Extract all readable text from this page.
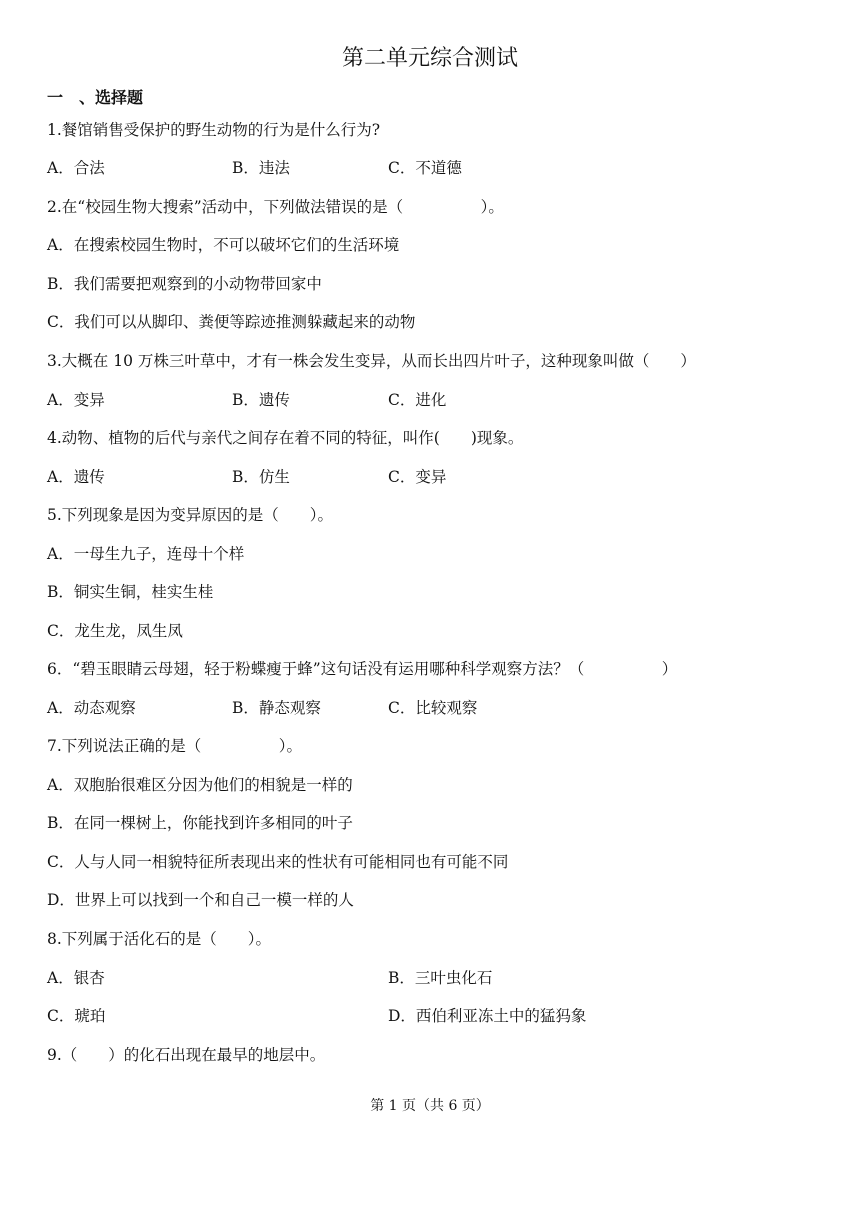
第二单元综合测试
一　、选择题
1.餐馆销售受保护的野生动物的行为是什么行为?
A．合法	B．违法	C．不道德
2.在“校园生物大搜索”活动中，下列做法错误的是（　　　　　）。
A．在搜索校园生物时，不可以破坏它们的生活环境
B．我们需要把观察到的小动物带回家中
C．我们可以从脚印、粪便等踪迹推测躲藏起来的动物
3.大概在 10 万株三叶草中，才有一株会发生变异，从而长出四片叶子，这种现象叫做（　　）
A．变异	B．遗传	C．进化
4.动物、植物的后代与亲代之间存在着不同的特征，叫作(　　)现象。
A．遗传	B．仿生	C．变异
5.下列现象是因为变异原因的是（　　）。
A．一母生九子，连母十个样
B．铜实生铜，桂实生桂
C．龙生龙，凤生凤
6．“碧玉眼睛云母翅，轻于粉蝶瘦于蜂”这句话没有运用哪种科学观察方法？（　　　　　）
A．动态观察	B．静态观察	C．比较观察
7.下列说法正确的是（　　　　　）。
A．双胞胎很难区分因为他们的相貌是一样的
B．在同一棵树上，你能找到许多相同的叶子
C．人与人同一相貌特征所表现出来的性状有可能相同也有可能不同
D．世界上可以找到一个和自己一模一样的人
8.下列属于活化石的是（　　）。
A．银杏	B．三叶虫化石
C．琥珀	D．西伯利亚冻土中的猛犸象
9.（　　）的化石出现在最早的地层中。
第 1 页（共 6 页）
